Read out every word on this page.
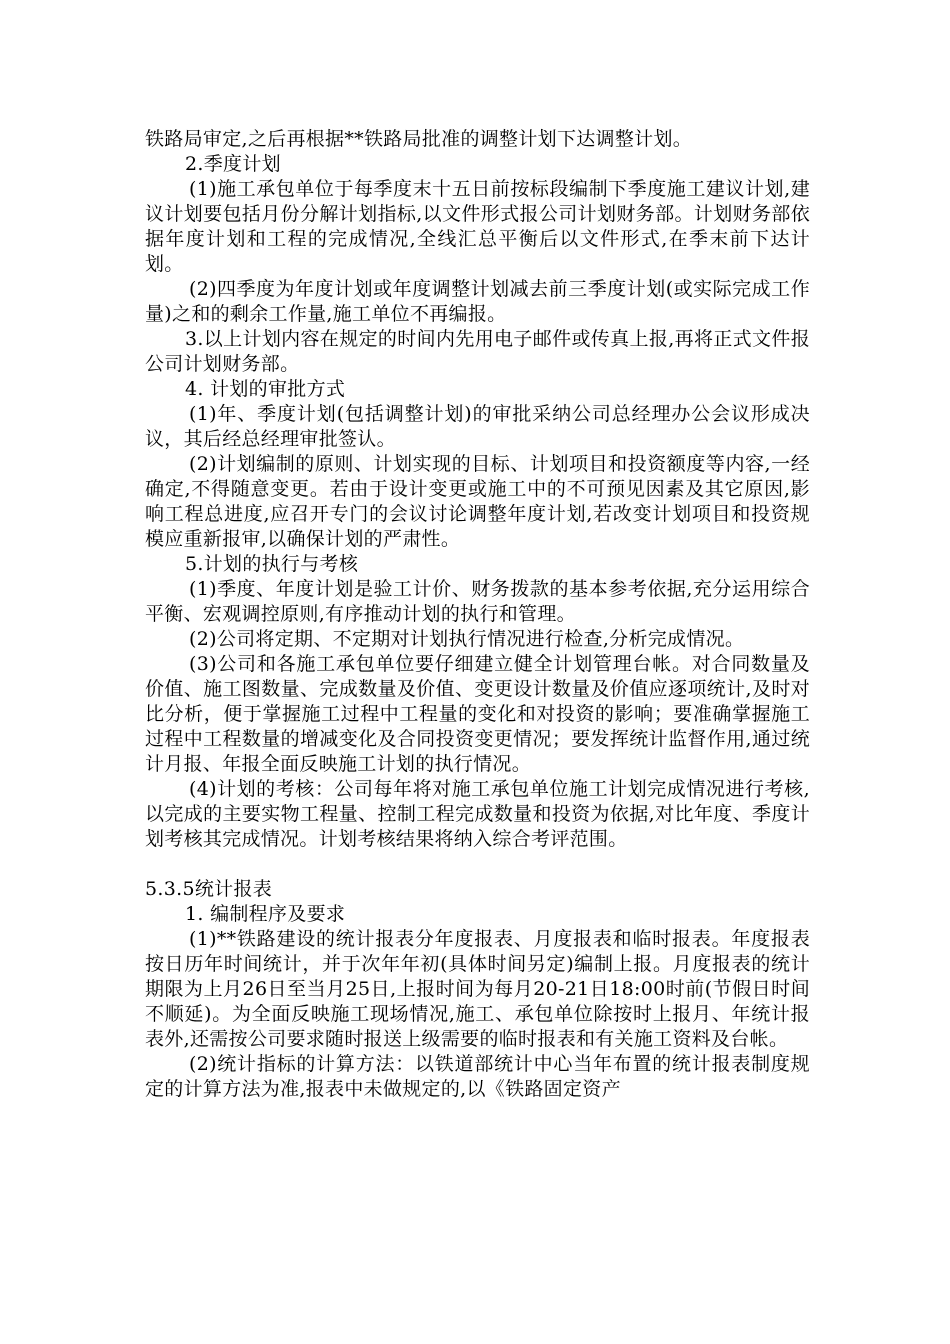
铁路局审定,之后再根据**铁路局批准的调整计划下达调整计划。

2.季度计划

(1)施工承包单位于每季度末十五日前按标段编制下季度施工建议计划,建议计划要包括月份分解计划指标,以文件形式报公司计划财务部。计划财务部依据年度计划和工程的完成情况,全线汇总平衡后以文件形式,在季末前下达计划。

(2)四季度为年度计划或年度调整计划减去前三季度计划(或实际完成工作量)之和的剩余工作量,施工单位不再编报。

3.以上计划内容在规定的时间内先用电子邮件或传真上报,再将正式文件报公司计划财务部。

4. 计划的审批方式

(1)年、季度计划(包括调整计划)的审批采纳公司总经理办公会议形成决议，其后经总经理审批签认。

(2)计划编制的原则、计划实现的目标、计划项目和投资额度等内容,一经确定,不得随意变更。若由于设计变更或施工中的不可预见因素及其它原因,影响工程总进度,应召开专门的会议讨论调整年度计划,若改变计划项目和投资规模应重新报审,以确保计划的严肃性。

5.计划的执行与考核

(1)季度、年度计划是验工计价、财务拨款的基本参考依据,充分运用综合平衡、宏观调控原则,有序推动计划的执行和管理。

(2)公司将定期、不定期对计划执行情况进行检查,分析完成情况。

(3)公司和各施工承包单位要仔细建立健全计划管理台帐。对合同数量及价值、施工图数量、完成数量及价值、变更设计数量及价值应逐项统计,及时对比分析，便于掌握施工过程中工程量的变化和对投资的影响；要准确掌握施工过程中工程数量的增减变化及合同投资变更情况；要发挥统计监督作用,通过统计月报、年报全面反映施工计划的执行情况。

(4)计划的考核：公司每年将对施工承包单位施工计划完成情况进行考核,以完成的主要实物工程量、控制工程完成数量和投资为依据,对比年度、季度计划考核其完成情况。计划考核结果将纳入综合考评范围。

5.3.5统计报表

1. 编制程序及要求

(1)**铁路建设的统计报表分年度报表、月度报表和临时报表。年度报表按日历年时间统计，并于次年年初(具体时间另定)编制上报。月度报表的统计期限为上月26日至当月25日,上报时间为每月20-21日18:00时前(节假日时间不顺延)。为全面反映施工现场情况,施工、承包单位除按时上报月、年统计报表外,还需按公司要求随时报送上级需要的临时报表和有关施工资料及台帐。

(2)统计指标的计算方法：以铁道部统计中心当年布置的统计报表制度规定的计算方法为准,报表中未做规定的,以《铁路固定资产
